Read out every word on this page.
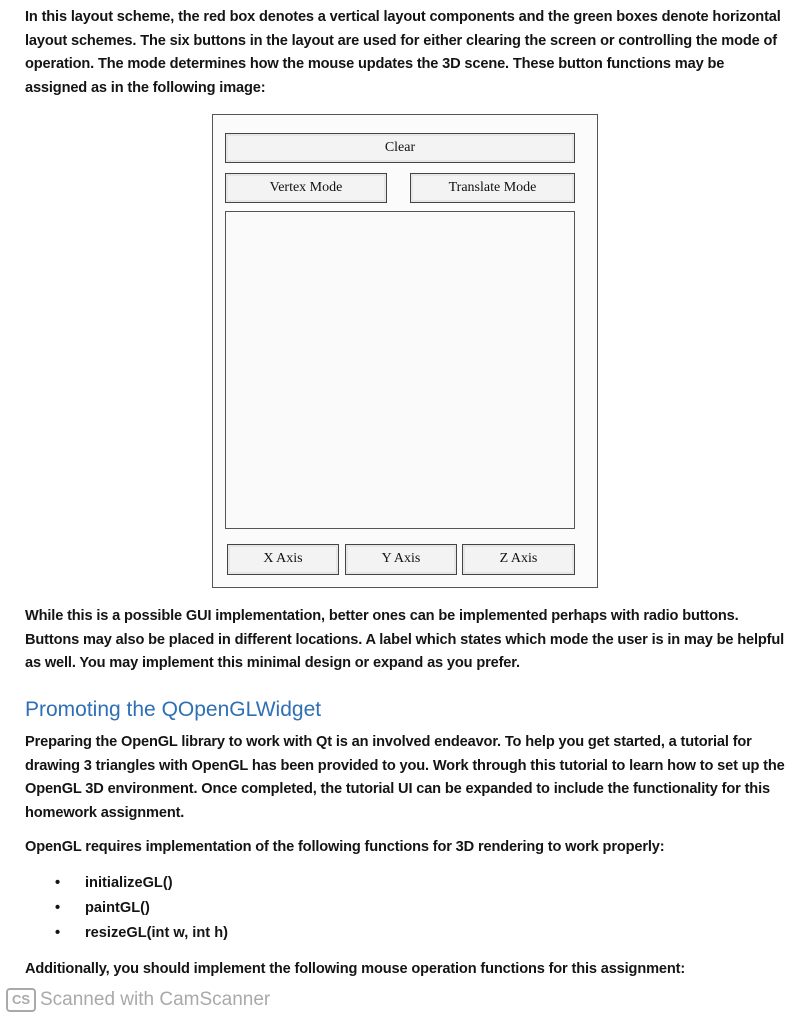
In this layout scheme, the red box denotes a vertical layout components and the green boxes denote horizontal layout schemes. The six buttons in the layout are used for either clearing the screen or controlling the mode of operation. The mode determines how the mouse updates the 3D scene. These button functions may be assigned as in the following image:
Clear
Vertex Mode	Translate Mode
X Axis	Y Axis	Z Axis
While this is a possible GUI implementation, better ones can be implemented perhaps with radio buttons. Buttons may also be placed in different locations. A label which states which mode the user is in may be helpful as well. You may implement this minimal design or expand as you prefer.
Promoting the QOpenGLWidget
Preparing the OpenGL library to work with Qt is an involved endeavor. To help you get started, a tutorial for drawing 3 triangles with OpenGL has been provided to you. Work through this tutorial to learn how to set up the OpenGL 3D environment. Once completed, the tutorial UI can be expanded to include the functionality for this homework assignment.
OpenGL requires implementation of the following functions for 3D rendering to work properly:
• initializeGL()
• paintGL()
• resizeGL(int w, int h)
Additionally, you should implement the following mouse operation functions for this assignment:
CS Scanned with CamScanner
